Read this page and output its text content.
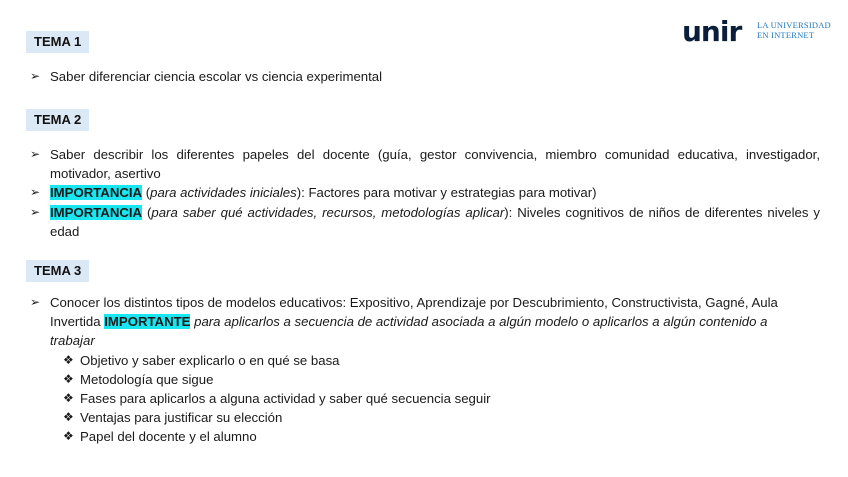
unir LA UNIVERSIDAD
EN INTERNET
TEMA 1
➢ Saber diferenciar ciencia escolar vs ciencia experimental
TEMA 2
➢ Saber describir los diferentes papeles del docente (guía, gestor convivencia, miembro comunidad educativa, investigador, motivador, asertivo
➢ IMPORTANCIA (para actividades iniciales): Factores para motivar y estrategias para motivar)
➢ IMPORTANCIA (para saber qué actividades, recursos, metodologías aplicar): Niveles cognitivos de niños de diferentes niveles y edad
TEMA 3
➢ Conocer los distintos tipos de modelos educativos: Expositivo, Aprendizaje por Descubrimiento, Constructivista, Gagné, Aula Invertida IMPORTANTE para aplicarlos a secuencia de actividad asociada a algún modelo o aplicarlos a algún contenido a trabajar
❖ Objetivo y saber explicarlo o en qué se basa
❖ Metodología que sigue
❖ Fases para aplicarlos a alguna actividad y saber qué secuencia seguir
❖ Ventajas para justificar su elección
❖ Papel del docente y el alumno
